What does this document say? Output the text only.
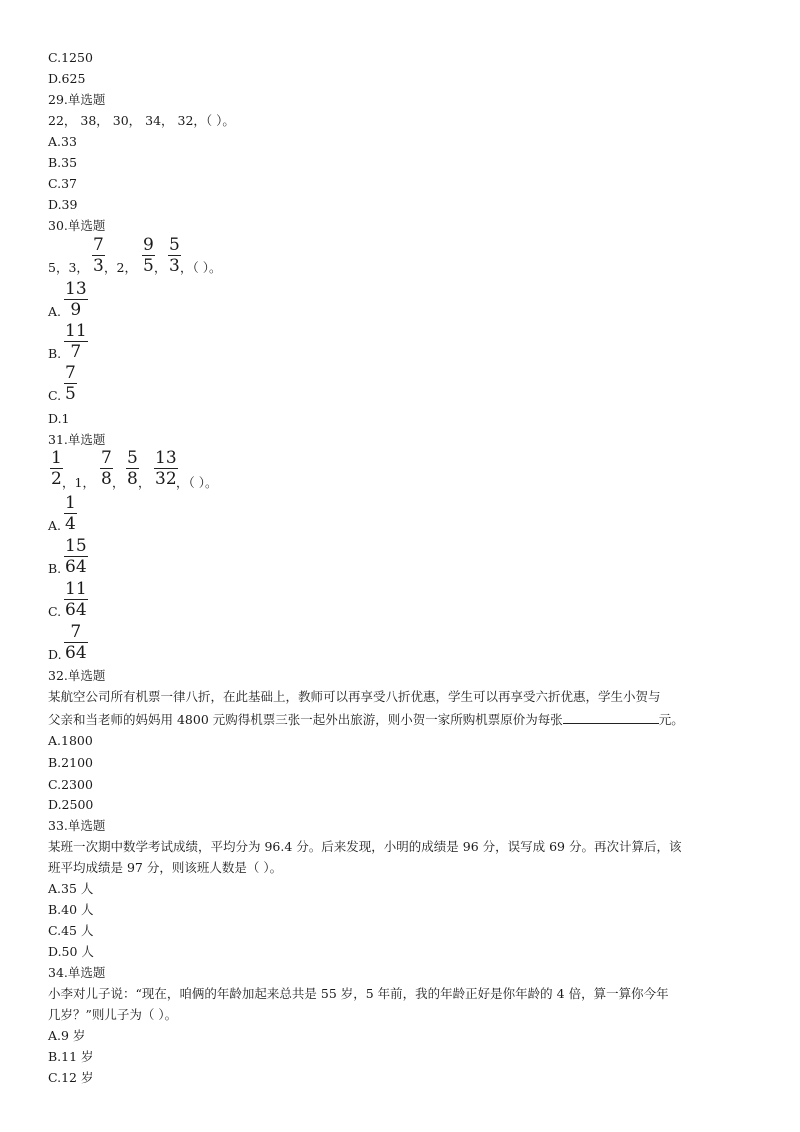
C.1250
D.625
29.单选题
22， 38， 30， 34， 32，（ ）。
A.33
B.35
C.37
D.39
30.单选题
5，3，
7
3 ，2，
9
5 ，
5
3 ，（ ）。
A.
13
9
B.
11
7
C.
7
5
D.1
31.单选题
1
2 ，1，
7
8 ，
5
8 ，
13
32 ，（ ）。
A.
1
4
B.
15
64
C.
11
64
D.
7
64
32.单选题
某航空公司所有机票一律八折，在此基础上，教师可以再享受八折优惠，学生可以再享受六折优惠，学生小贺与
父亲和当老师的妈妈用 4800 元购得机票三张一起外出旅游，则小贺一家所购机票原价为每张	元。
A.1800
B.2100
C.2300
D.2500
33.单选题
某班一次期中数学考试成绩，平均分为 96.4 分。后来发现，小明的成绩是 96 分，误写成 69 分。再次计算后，该
班平均成绩是 97 分，则该班人数是（ ）。
A.35 人
B.40 人
C.45 人
D.50 人
34.单选题
小李对儿子说：“现在，咱俩的年龄加起来总共是 55 岁，5 年前，我的年龄正好是你年龄的 4 倍，算一算你今年
几岁？”则儿子为（ ）。
A.9 岁
B.11 岁
C.12 岁
